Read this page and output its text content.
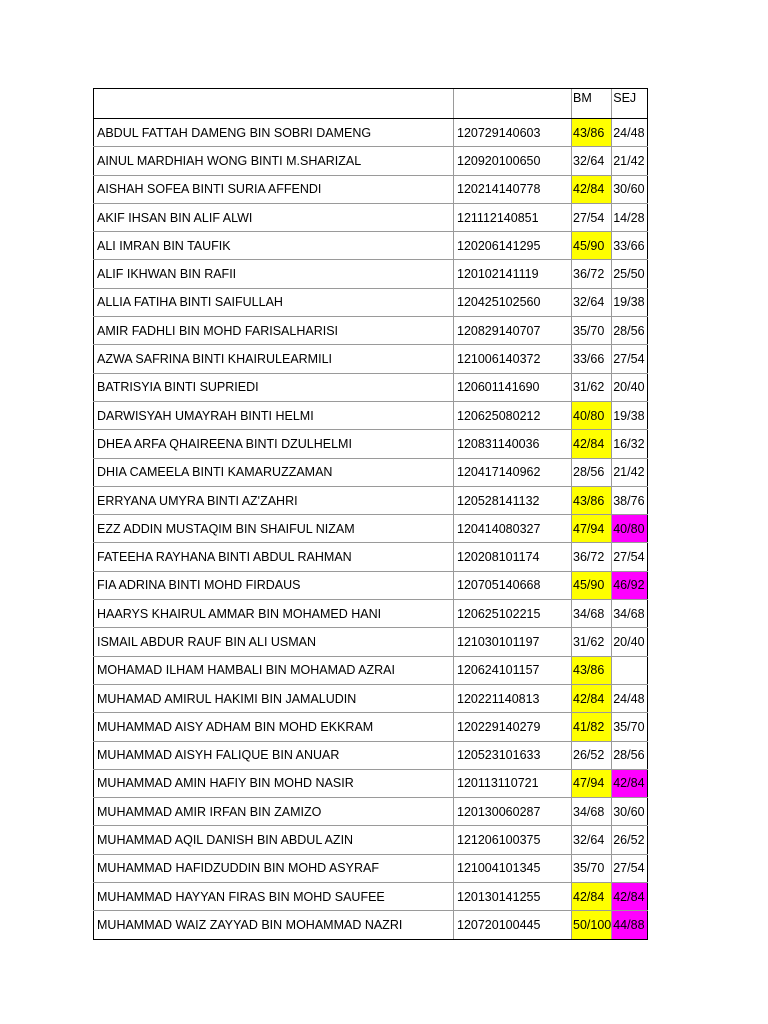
		BM	SEJ
ABDUL FATTAH DAMENG BIN SOBRI DAMENG	120729140603	43/86	24/48
AINUL MARDHIAH WONG BINTI M.SHARIZAL	120920100650	32/64	21/42
AISHAH SOFEA BINTI SURIA AFFENDI	120214140778	42/84	30/60
AKIF IHSAN BIN ALIF ALWI	121112140851	27/54	14/28
ALI IMRAN BIN TAUFIK	120206141295	45/90	33/66
ALIF IKHWAN BIN RAFII	120102141119	36/72	25/50
ALLIA FATIHA BINTI SAIFULLAH	120425102560	32/64	19/38
AMIR FADHLI BIN MOHD FARISALHARISI	120829140707	35/70	28/56
AZWA SAFRINA BINTI KHAIRULEARMILI	121006140372	33/66	27/54
BATRISYIA BINTI SUPRIEDI	120601141690	31/62	20/40
DARWISYAH UMAYRAH BINTI HELMI	120625080212	40/80	19/38
DHEA ARFA QHAIREENA BINTI DZULHELMI	120831140036	42/84	16/32
DHIA CAMEELA BINTI KAMARUZZAMAN	120417140962	28/56	21/42
ERRYANA UMYRA BINTI AZ'ZAHRI	120528141132	43/86	38/76
EZZ ADDIN MUSTAQIM BIN SHAIFUL NIZAM	120414080327	47/94	40/80
FATEEHA RAYHANA BINTI ABDUL RAHMAN	120208101174	36/72	27/54
FIA ADRINA BINTI MOHD FIRDAUS	120705140668	45/90	46/92
HAARYS KHAIRUL AMMAR BIN MOHAMED HANI	120625102215	34/68	34/68
ISMAIL ABDUR RAUF BIN ALI USMAN	121030101197	31/62	20/40
MOHAMAD ILHAM HAMBALI BIN MOHAMAD AZRAI	120624101157	43/86	
MUHAMAD AMIRUL HAKIMI BIN JAMALUDIN	120221140813	42/84	24/48
MUHAMMAD AISY ADHAM BIN MOHD EKKRAM	120229140279	41/82	35/70
MUHAMMAD AISYH FALIQUE BIN ANUAR	120523101633	26/52	28/56
MUHAMMAD AMIN HAFIY BIN MOHD NASIR	120113110721	47/94	42/84
MUHAMMAD AMIR IRFAN BIN ZAMIZO	120130060287	34/68	30/60
MUHAMMAD AQIL DANISH BIN ABDUL AZIN	121206100375	32/64	26/52
MUHAMMAD HAFIDZUDDIN BIN MOHD ASYRAF	121004101345	35/70	27/54
MUHAMMAD HAYYAN FIRAS BIN MOHD SAUFEE	120130141255	42/84	42/84
MUHAMMAD WAIZ ZAYYAD BIN MOHAMMAD NAZRI	120720100445	50/100	44/88
